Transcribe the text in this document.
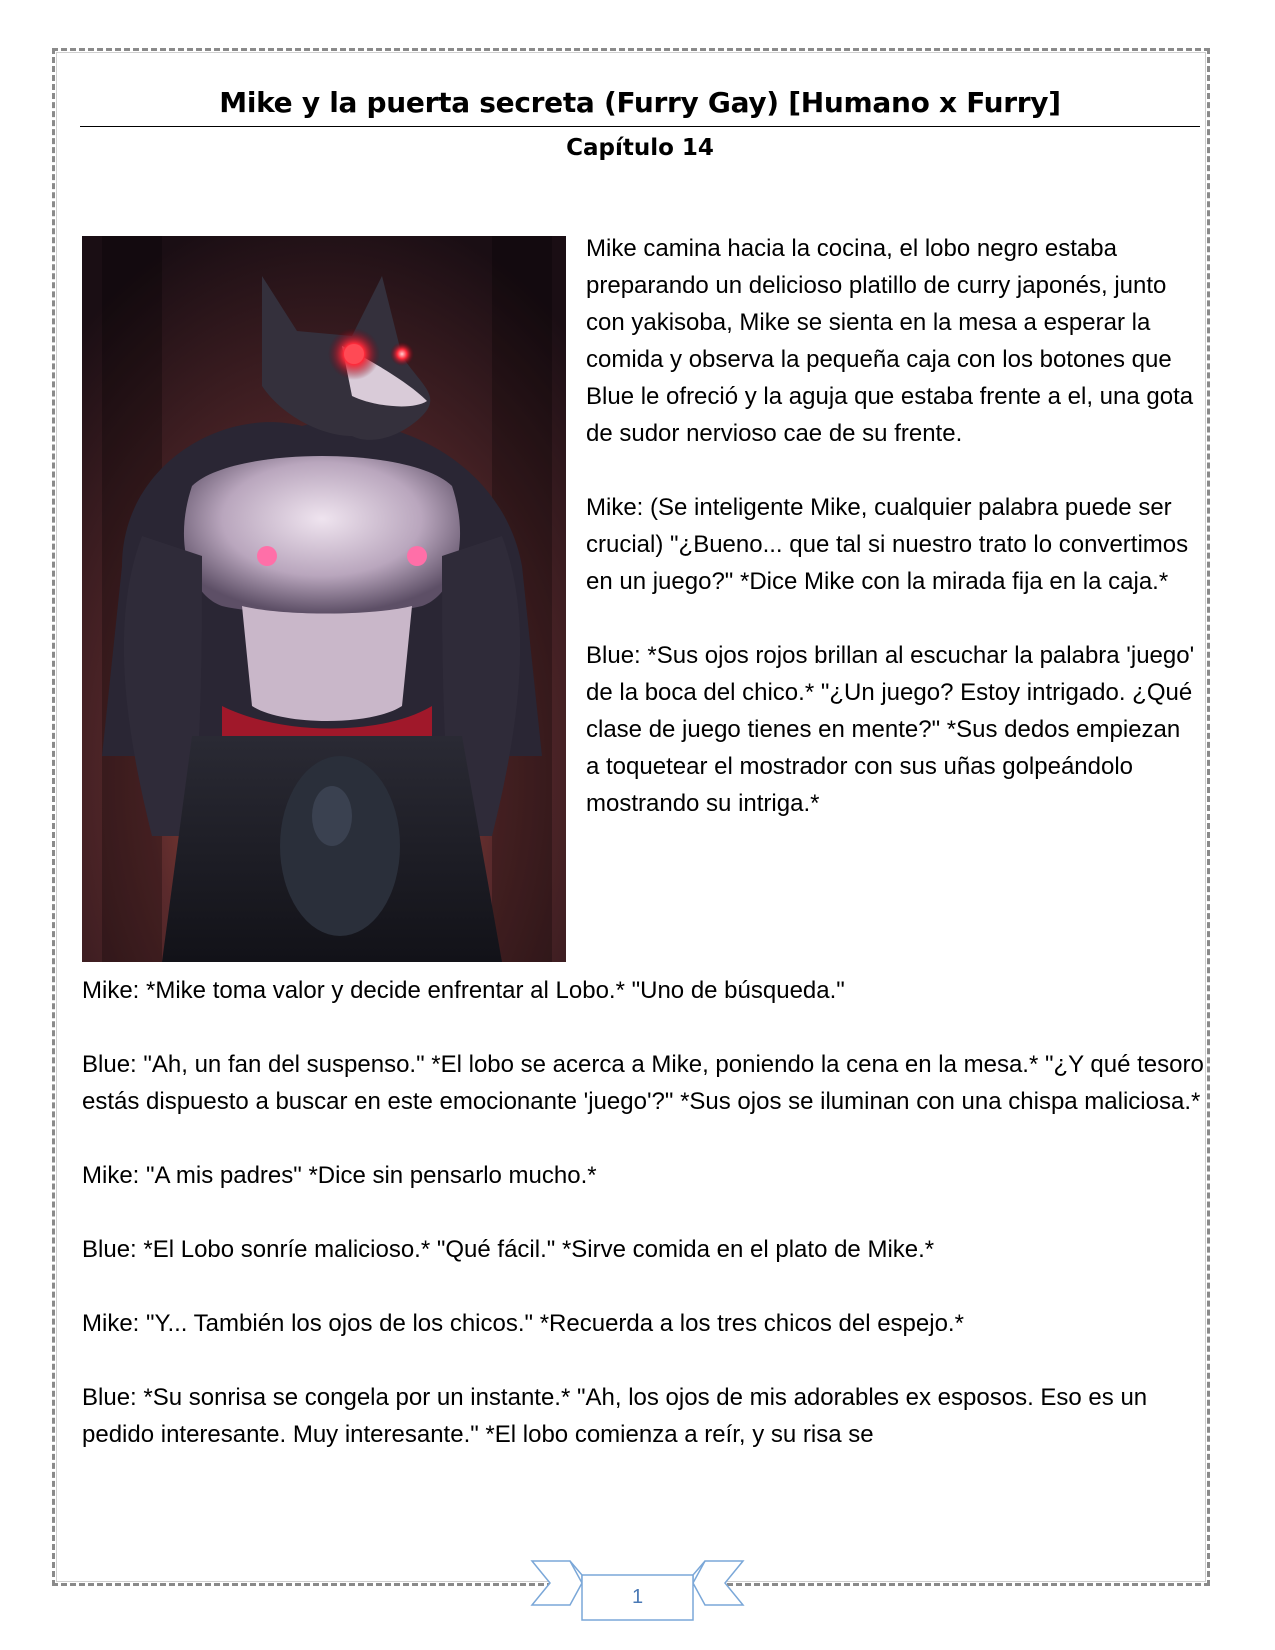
Mike y la puerta secreta (Furry Gay) [Humano x Furry]
Capítulo 14

Mike camina hacia la cocina, el lobo negro estaba preparando un delicioso platillo de curry japonés, junto con yakisoba, Mike se sienta en la mesa a esperar la comida y observa la pequeña caja con los botones que Blue le ofreció y la aguja que estaba frente a el, una gota de sudor nervioso cae de su frente.

Mike: (Se inteligente Mike, cualquier palabra puede ser crucial) "¿Bueno... que tal si nuestro trato lo convertimos en un juego?" *Dice Mike con la mirada fija en la caja.*

Blue: *Sus ojos rojos brillan al escuchar la palabra 'juego' de la boca del chico.* "¿Un juego? Estoy intrigado. ¿Qué clase de juego tienes en mente?" *Sus dedos empiezan a toquetear el mostrador con sus uñas golpeándolo mostrando su intriga.*

Mike: *Mike toma valor y decide enfrentar al Lobo.* "Uno de búsqueda."

Blue: "Ah, un fan del suspenso." *El lobo se acerca a Mike, poniendo la cena en la mesa.* "¿Y qué tesoro estás dispuesto a buscar en este emocionante 'juego'?" *Sus ojos se iluminan con una chispa maliciosa.*

Mike: "A mis padres" *Dice sin pensarlo mucho.*

Blue: *El Lobo sonríe malicioso.* "Qué fácil." *Sirve comida en el plato de Mike.*

Mike: "Y... También los ojos de los chicos." *Recuerda a los tres chicos del espejo.*

Blue: *Su sonrisa se congela por un instante.* "Ah, los ojos de mis adorables ex esposos. Eso es un pedido interesante. Muy interesante." *El lobo comienza a reír, y su risa se

1
